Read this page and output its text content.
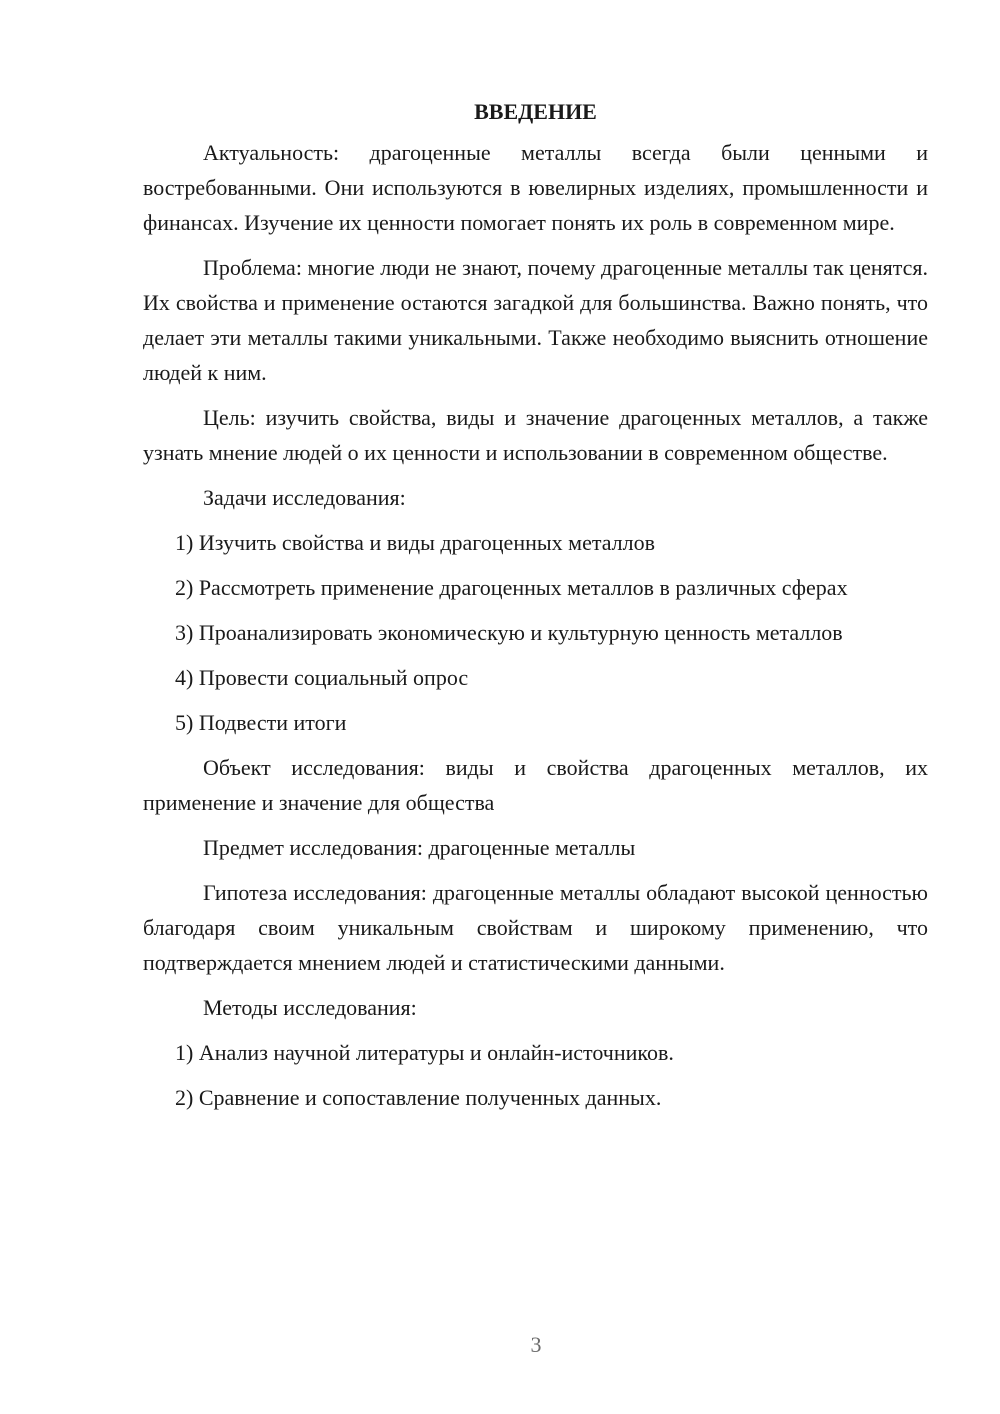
ВВЕДЕНИЕ

Актуальность: драгоценные металлы всегда были ценными и востребованными. Они используются в ювелирных изделиях, промышленности и финансах. Изучение их ценности помогает понять их роль в современном мире.

Проблема: многие люди не знают, почему драгоценные металлы так ценятся. Их свойства и применение остаются загадкой для большинства. Важно понять, что делает эти металлы такими уникальными. Также необходимо выяснить отношение людей к ним.

Цель: изучить свойства, виды и значение драгоценных металлов, а также узнать мнение людей о их ценности и использовании в современном обществе.

Задачи исследования:

1) Изучить свойства и виды драгоценных металлов
2) Рассмотреть применение драгоценных металлов в различных сферах
3) Проанализировать экономическую и культурную ценность металлов
4) Провести социальный опрос
5) Подвести итоги

Объект исследования: виды и свойства драгоценных металлов, их применение и значение для общества

Предмет исследования: драгоценные металлы

Гипотеза исследования: драгоценные металлы обладают высокой ценностью благодаря своим уникальным свойствам и широкому применению, что подтверждается мнением людей и статистическими данными.

Методы исследования:

1) Анализ научной литературы и онлайн-источников.
2) Сравнение и сопоставление полученных данных.
3
